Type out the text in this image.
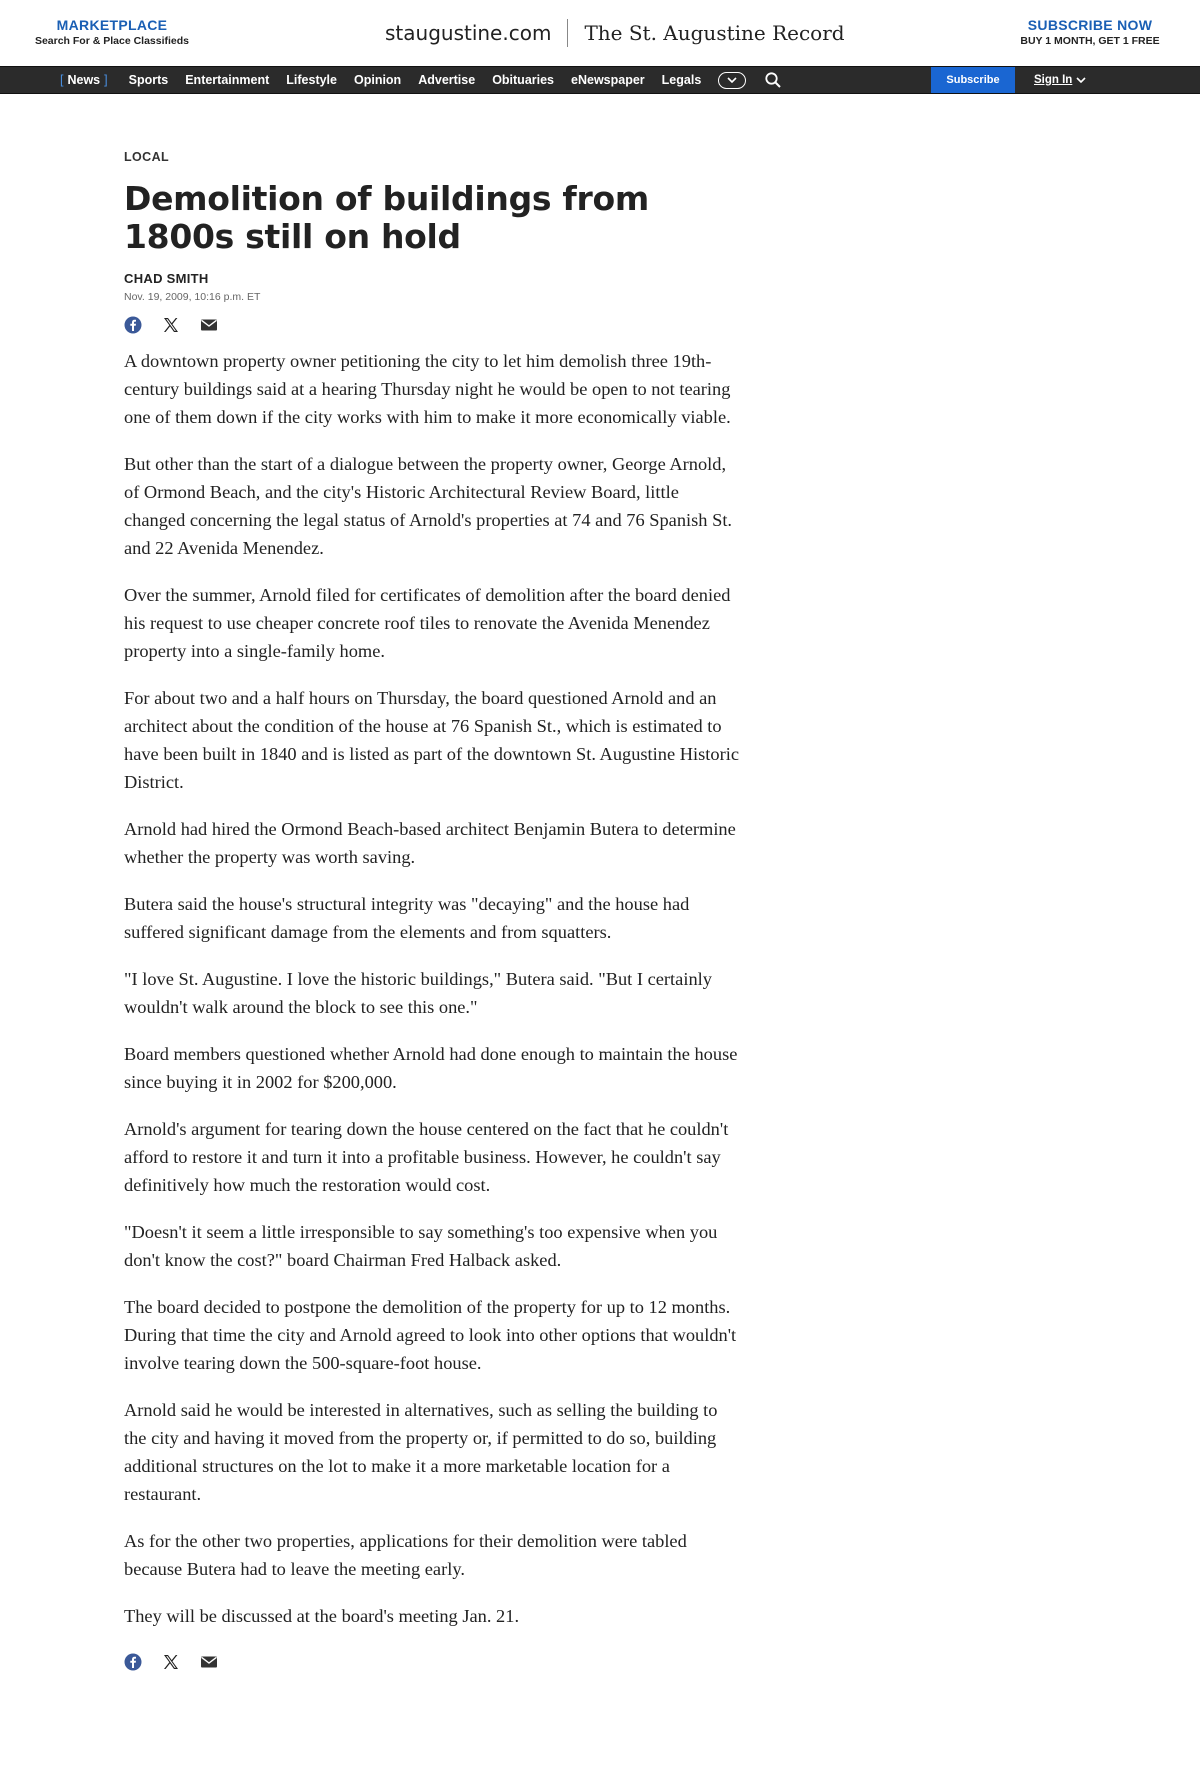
MARKETPLACE
Search For & Place Classifieds	staugustine.com The St. Augustine Record	SUBSCRIBE NOW
BUY 1 MONTH, GET 1 FREE
[ News ] Sports Entertainment Lifestyle Opinion Advertise Obituaries eNewspaper Legals	Subscribe	Sign In
LOCAL
Demolition of buildings from 1800s still on hold
CHAD SMITH
Nov. 19, 2009, 10:16 p.m. ET

A downtown property owner petitioning the city to let him demolish three 19th-century buildings said at a hearing Thursday night he would be open to not tearing one of them down if the city works with him to make it more economically viable.

But other than the start of a dialogue between the property owner, George Arnold, of Ormond Beach, and the city's Historic Architectural Review Board, little changed concerning the legal status of Arnold's properties at 74 and 76 Spanish St. and 22 Avenida Menendez.

Over the summer, Arnold filed for certificates of demolition after the board denied his request to use cheaper concrete roof tiles to renovate the Avenida Menendez property into a single-family home.

For about two and a half hours on Thursday, the board questioned Arnold and an architect about the condition of the house at 76 Spanish St., which is estimated to have been built in 1840 and is listed as part of the downtown St. Augustine Historic District.

Arnold had hired the Ormond Beach-based architect Benjamin Butera to determine whether the property was worth saving.

Butera said the house's structural integrity was "decaying" and the house had suffered significant damage from the elements and from squatters.

"I love St. Augustine. I love the historic buildings," Butera said. "But I certainly wouldn't walk around the block to see this one."

Board members questioned whether Arnold had done enough to maintain the house since buying it in 2002 for $200,000.

Arnold's argument for tearing down the house centered on the fact that he couldn't afford to restore it and turn it into a profitable business. However, he couldn't say definitively how much the restoration would cost.

"Doesn't it seem a little irresponsible to say something's too expensive when you don't know the cost?" board Chairman Fred Halback asked.

The board decided to postpone the demolition of the property for up to 12 months. During that time the city and Arnold agreed to look into other options that wouldn't involve tearing down the 500-square-foot house.

Arnold said he would be interested in alternatives, such as selling the building to the city and having it moved from the property or, if permitted to do so, building additional structures on the lot to make it a more marketable location for a restaurant.

As for the other two properties, applications for their demolition were tabled because Butera had to leave the meeting early.

They will be discussed at the board's meeting Jan. 21.
